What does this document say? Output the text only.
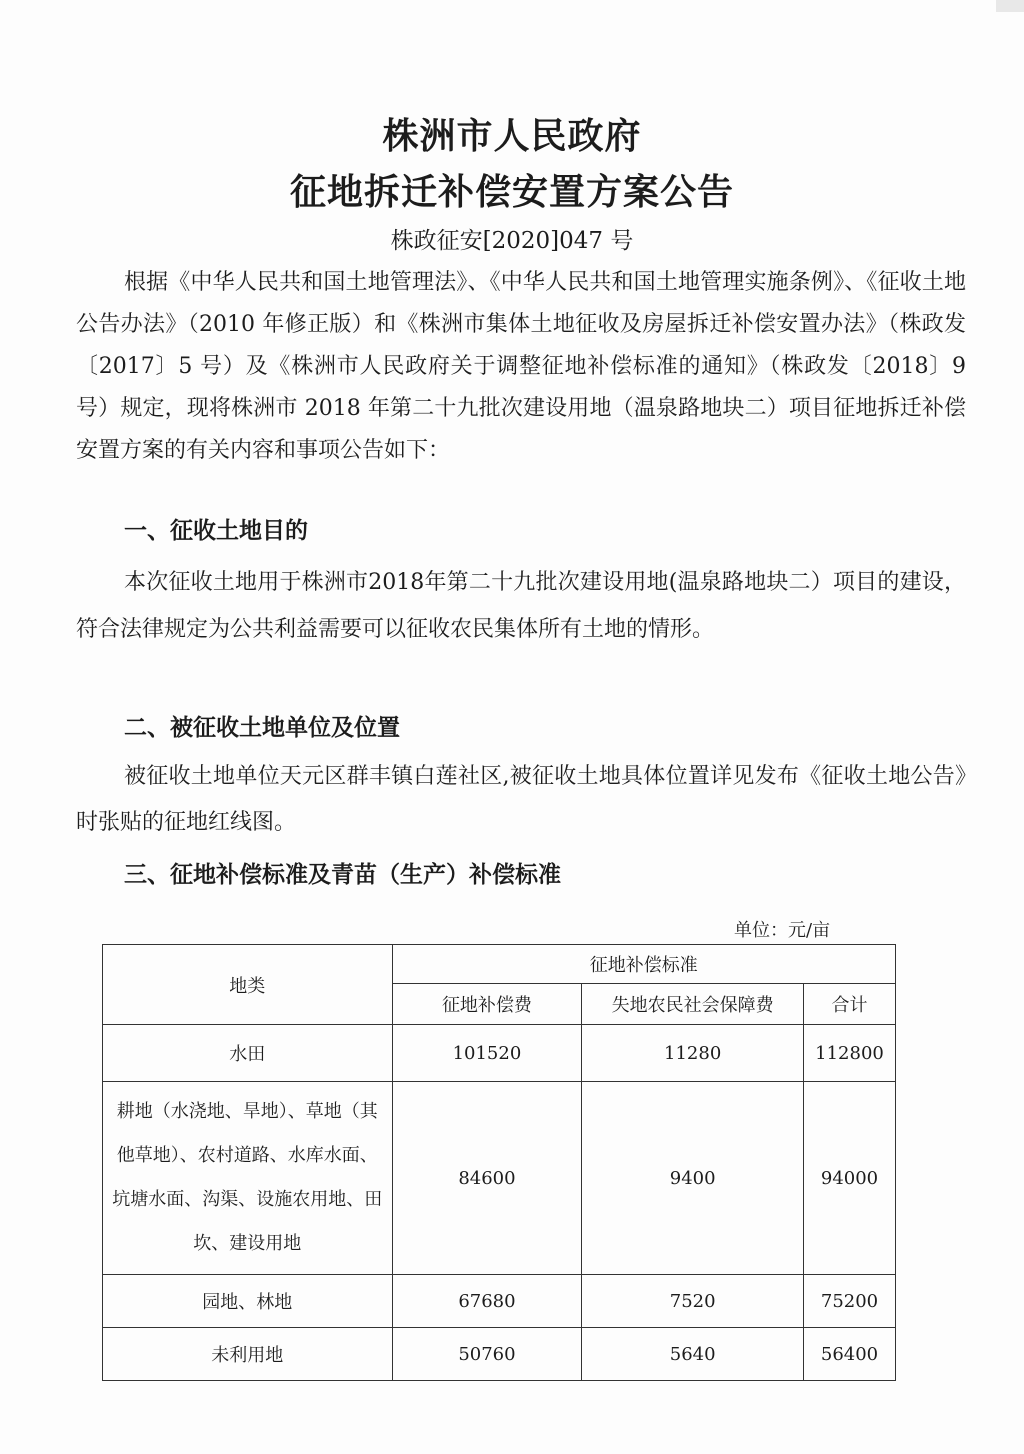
株洲市人民政府
征地拆迁补偿安置方案公告
株政征安[2020]047 号
根据《中华人民共和国土地管理法》、《中华人民共和国土地管理实施条例》、《征收土地公告办法》（2010 年修正版）和《株洲市集体土地征收及房屋拆迁补偿安置办法》（株政发〔2017〕5 号）及《株洲市人民政府关于调整征地补偿标准的通知》（株政发〔2018〕9 号）规定，现将株洲市 2018 年第二十九批次建设用地（温泉路地块二）项目征地拆迁补偿安置方案的有关内容和事项公告如下：
一、征收土地目的
本次征收土地用于株洲市2018年第二十九批次建设用地(温泉路地块二）项目的建设，符合法律规定为公共利益需要可以征收农民集体所有土地的情形。
二、被征收土地单位及位置
被征收土地单位天元区群丰镇白莲社区,被征收土地具体位置详见发布《征收土地公告》时张贴的征地红线图。
三、征地补偿标准及青苗（生产）补偿标准
单位：元/亩
地类	征地补偿标准		
	征地补偿费	失地农民社会保障费	合计
水田	101520	11280	112800

耕地（水浇地、旱地）、草地（其他草地）、农村道路、水库水面、坑塘水面、沟渠、设施农用地、田坎、建设用地	84600	9400	94000
园地、林地	67680	7520	75200
未利用地	50760	5640	56400
